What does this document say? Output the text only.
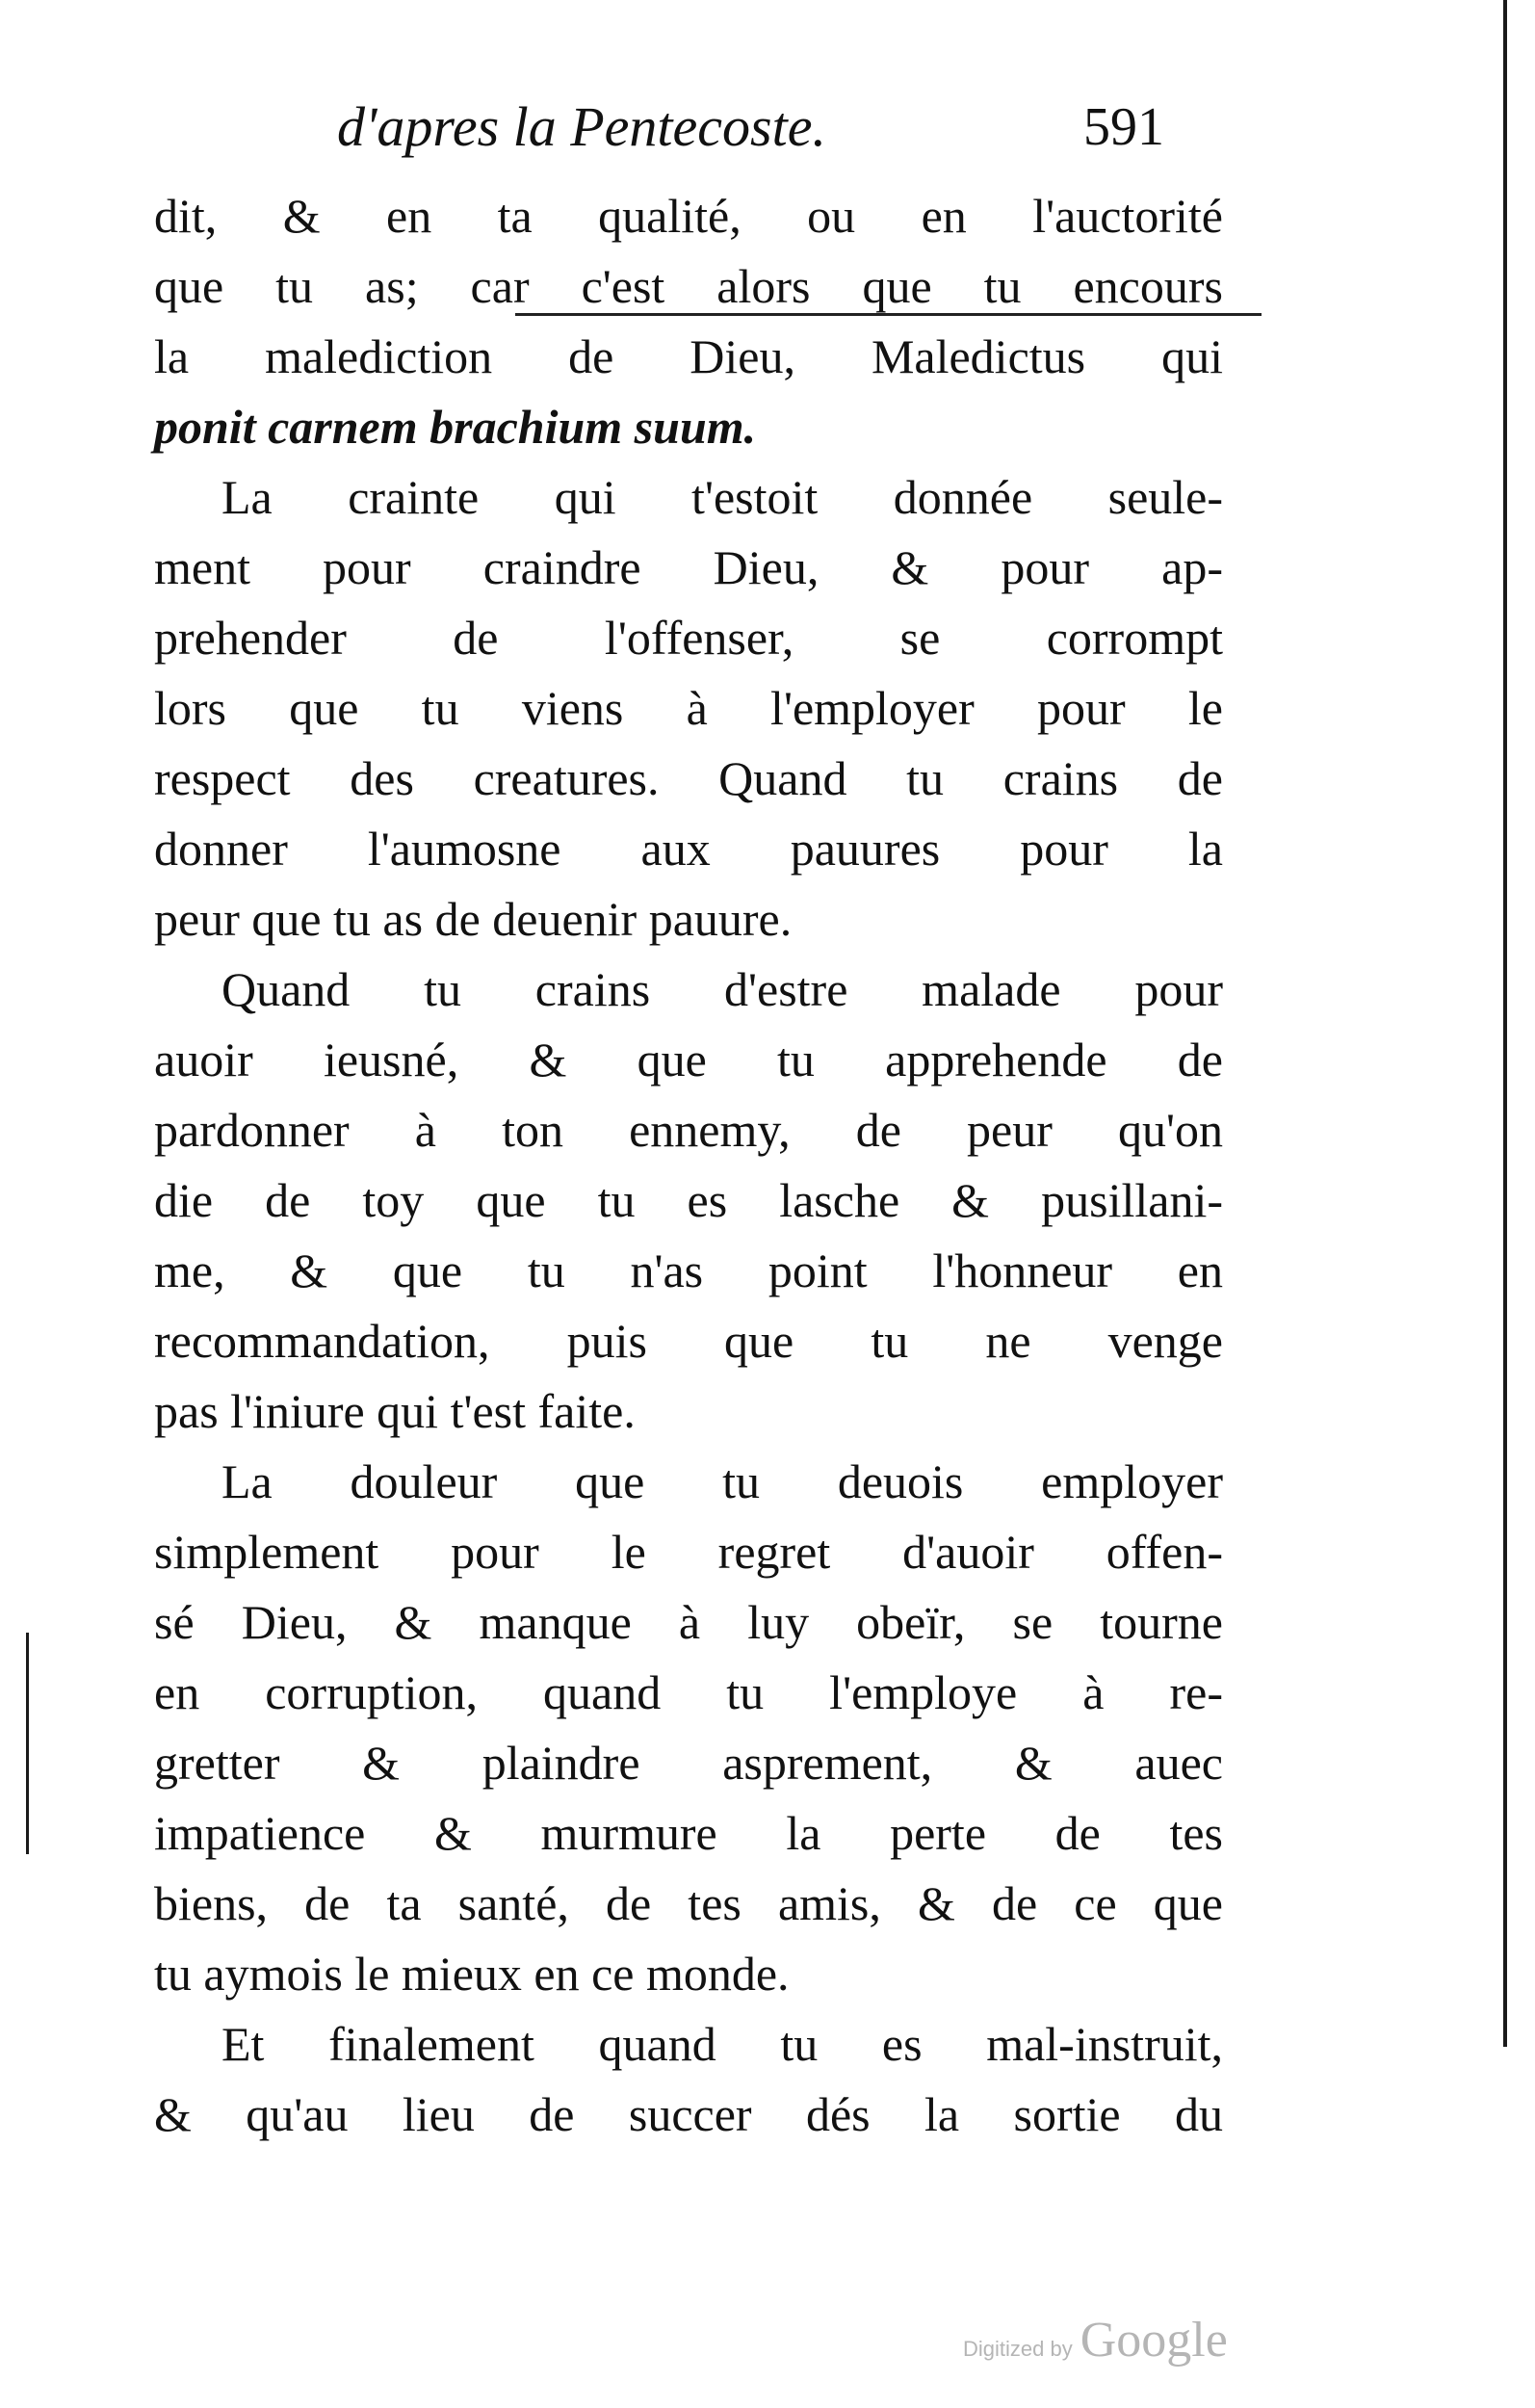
d'apres la Pentecoste.	591
dit, & en ta qualité, ou en l'auctorité
que tu as; car c'est alors que tu encours
la malediction de Dieu, Maledictus qui
ponit carnem brachium suum.
La crainte qui t'estoit donnée seule-
ment pour craindre Dieu, & pour ap-
prehender de l'offenser, se corrompt
lors que tu viens à l'employer pour le
respect des creatures. Quand tu crains de
donner l'aumosne aux pauures pour la
peur que tu as de deuenir pauure.
Quand tu crains d'estre malade pour
auoir ieusné, & que tu apprehende de
pardonner à ton ennemy, de peur qu'on
die de toy que tu es lasche & pusillani-
me, & que tu n'as point l'honneur en
recommandation, puis que tu ne venge
pas l'iniure qui t'est faite.
La douleur que tu deuois employer
simplement pour le regret d'auoir offen-
sé Dieu, & manque à luy obeïr, se tourne
en corruption, quand tu l'employe à re-
gretter & plaindre asprement, & auec
impatience & murmure la perte de tes
biens, de ta santé, de tes amis, & de ce que
tu aymois le mieux en ce monde.
Et finalement quand tu es mal-instruit,
& qu'au lieu de succer dés la sortie du
Digitized by Google
